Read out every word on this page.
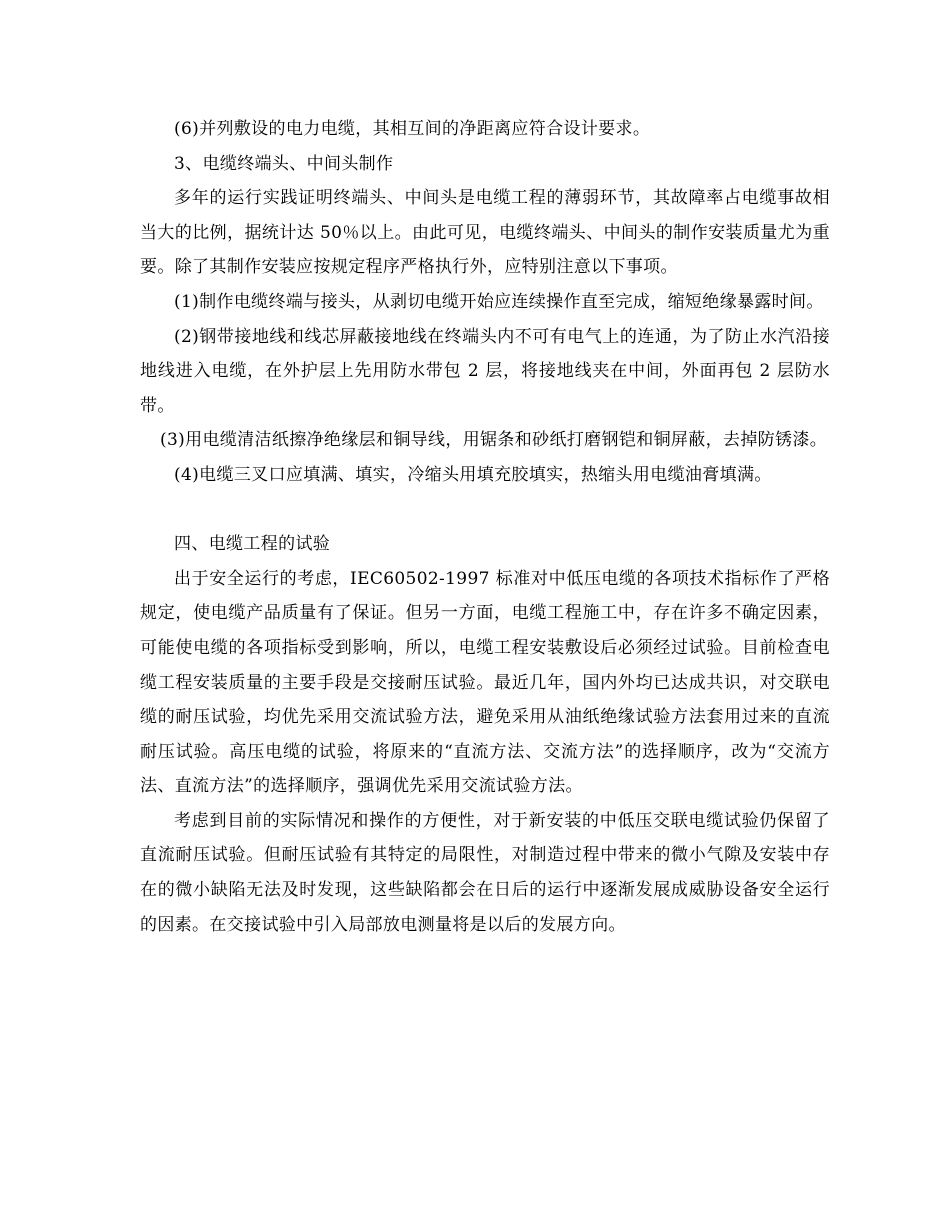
(6)并列敷设的电力电缆，其相互间的净距离应符合设计要求。

3、电缆终端头、中间头制作

多年的运行实践证明终端头、中间头是电缆工程的薄弱环节，其故障率占电缆事故相当大的比例，据统计达 50％以上。由此可见，电缆终端头、中间头的制作安装质量尤为重要。除了其制作安装应按规定程序严格执行外，应特别注意以下事项。

(1)制作电缆终端与接头，从剥切电缆开始应连续操作直至完成，缩短绝缘暴露时间。

(2)钢带接地线和线芯屏蔽接地线在终端头内不可有电气上的连通，为了防止水汽沿接地线进入电缆，在外护层上先用防水带包 2 层，将接地线夹在中间，外面再包 2 层防水带。

(3)用电缆清洁纸擦净绝缘层和铜导线，用锯条和砂纸打磨钢铠和铜屏蔽，去掉防锈漆。

(4)电缆三叉口应填满、填实，冷缩头用填充胶填实，热缩头用电缆油膏填满。

四、电缆工程的试验

出于安全运行的考虑，IEC60502-1997 标准对中低压电缆的各项技术指标作了严格规定，使电缆产品质量有了保证。但另一方面，电缆工程施工中，存在许多不确定因素，可能使电缆的各项指标受到影响，所以，电缆工程安装敷设后必须经过试验。目前检查电缆工程安装质量的主要手段是交接耐压试验。最近几年，国内外均已达成共识，对交联电缆的耐压试验，均优先采用交流试验方法，避免采用从油纸绝缘试验方法套用过来的直流耐压试验。高压电缆的试验，将原来的“直流方法、交流方法”的选择顺序，改为“交流方法、直流方法”的选择顺序，强调优先采用交流试验方法。

考虑到目前的实际情况和操作的方便性，对于新安装的中低压交联电缆试验仍保留了直流耐压试验。但耐压试验有其特定的局限性，对制造过程中带来的微小气隙及安装中存在的微小缺陷无法及时发现，这些缺陷都会在日后的运行中逐渐发展成威胁设备安全运行的因素。在交接试验中引入局部放电测量将是以后的发展方向。
